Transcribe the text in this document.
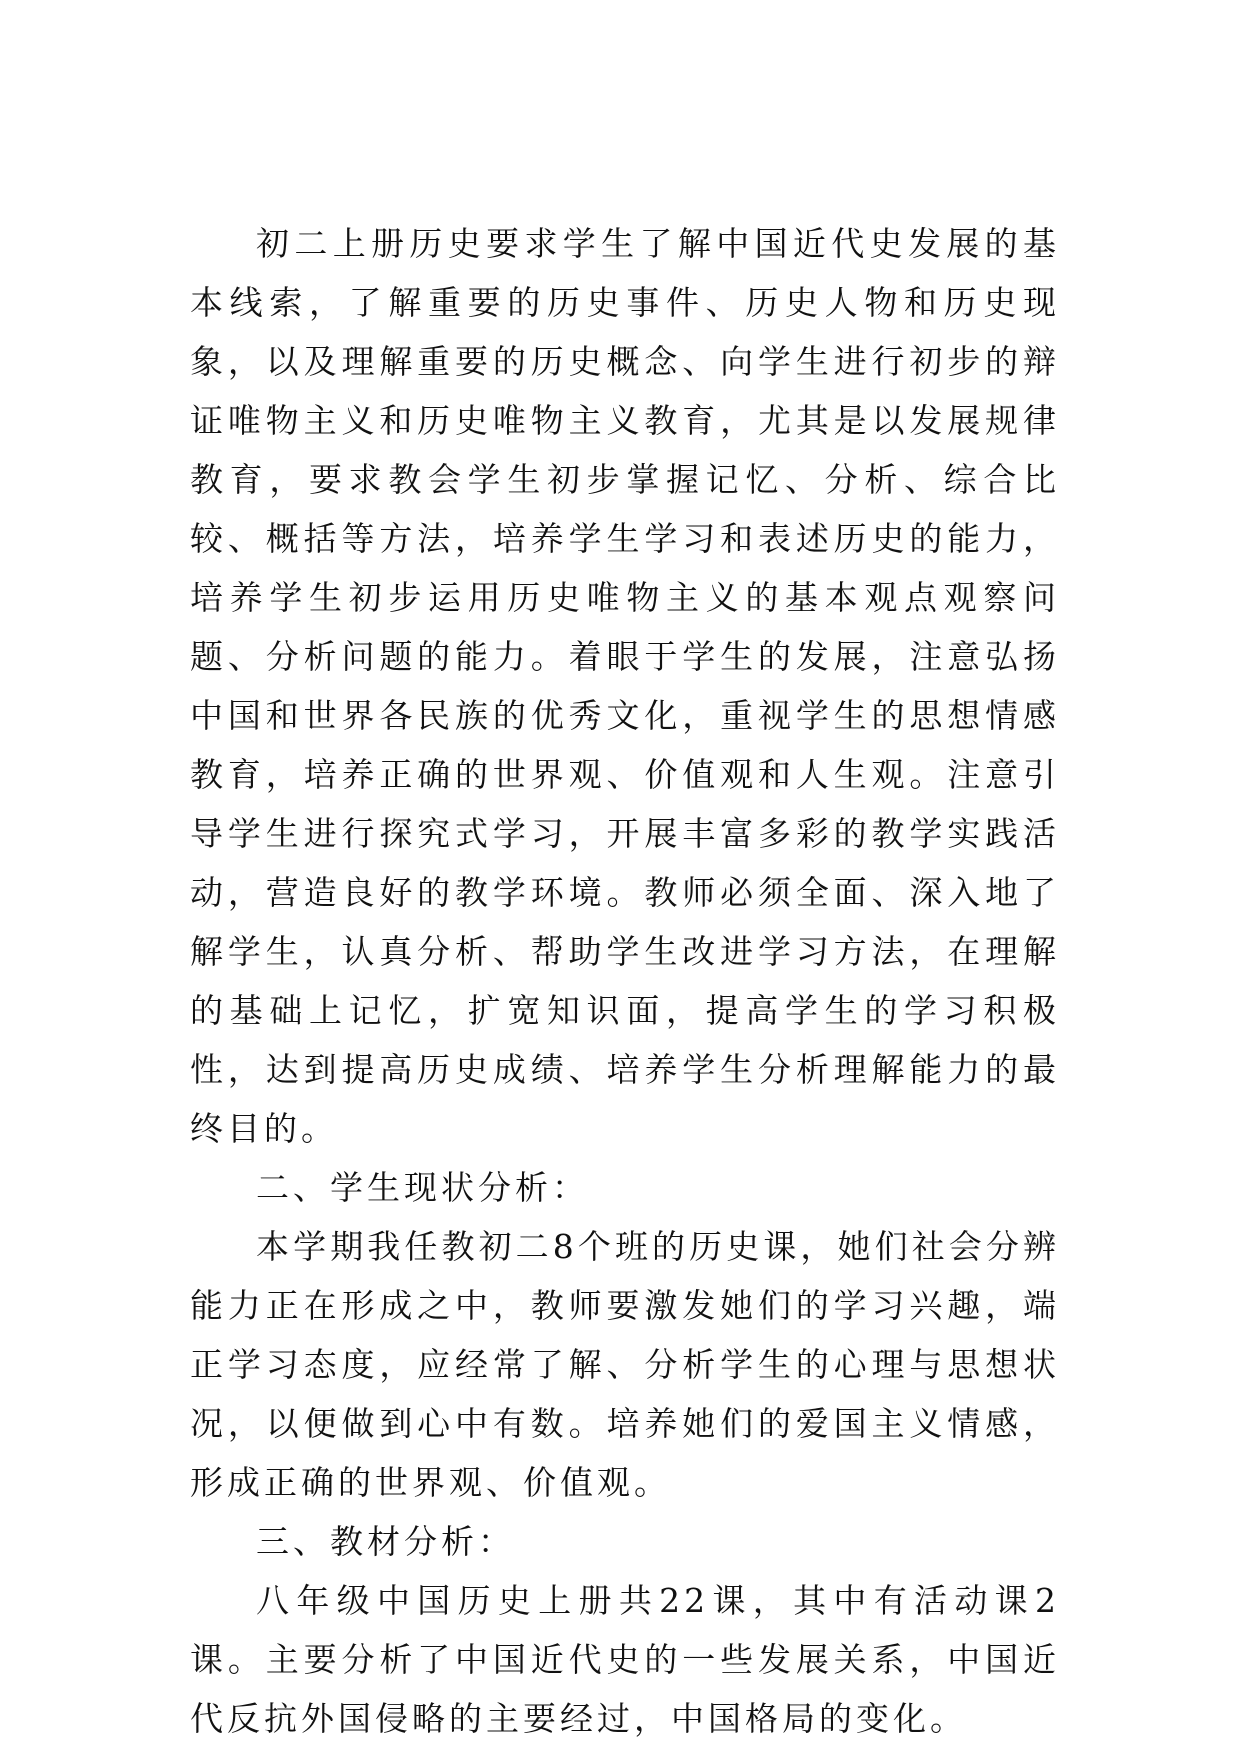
初二上册历史要求学生了解中国近代史发展的基本线索，了解重要的历史事件、历史人物和历史现象，以及理解重要的历史概念、向学生进行初步的辩证唯物主义和历史唯物主义教育，尤其是以发展规律教育，要求教会学生初步掌握记忆、分析、综合比较、概括等方法，培养学生学习和表述历史的能力，培养学生初步运用历史唯物主义的基本观点观察问题、分析问题的能力。着眼于学生的发展，注意弘扬中国和世界各民族的优秀文化，重视学生的思想情感教育，培养正确的世界观、价值观和人生观。注意引导学生进行探究式学习，开展丰富多彩的教学实践活动，营造良好的教学环境。教师必须全面、深入地了解学生，认真分析、帮助学生改进学习方法，在理解的基础上记忆，扩宽知识面，提高学生的学习积极性，达到提高历史成绩、培养学生分析理解能力的最终目的。

二、学生现状分析：

本学期我任教初二8个班的历史课，她们社会分辨能力正在形成之中，教师要激发她们的学习兴趣，端正学习态度，应经常了解、分析学生的心理与思想状况，以便做到心中有数。培养她们的爱国主义情感，形成正确的世界观、价值观。

三、教材分析：

八年级中国历史上册共22课，其中有活动课2课。主要分析了中国近代史的一些发展关系，中国近代反抗外国侵略的主要经过，中国格局的变化。
